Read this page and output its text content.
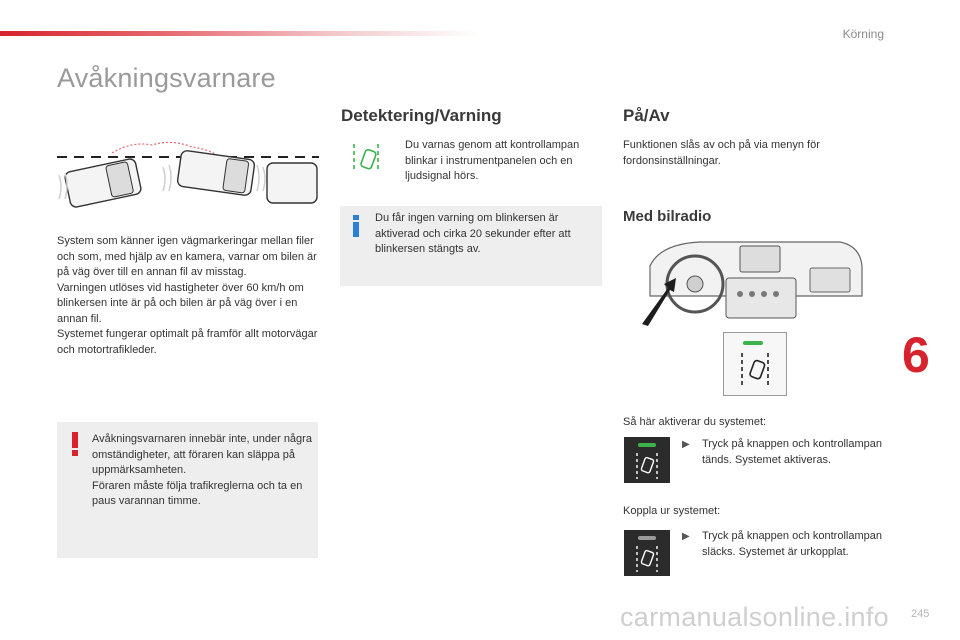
Körning
Avåkningsvarnare

System som känner igen vägmarkeringar mellan filer och som, med hjälp av en kamera, varnar om bilen är på väg över till en annan fil av misstag.

Varningen utlöses vid hastigheter över 60 km/h om blinkersen inte är på och bilen är på väg över i en annan fil.

Systemet fungerar optimalt på framför allt motorvägar och motortrafikleder.

Avåkningsvarnaren innebär inte, under några omständigheter, att föraren kan släppa på uppmärksamheten.

Föraren måste följa trafikreglerna och ta en paus varannan timme.

Detektering/Varning
Du varnas genom att kontrollampan blinkar i instrumentpanelen och en ljudsignal hörs.
Du får ingen varning om blinkersen är aktiverad och cirka 20 sekunder efter att blinkersen stängts av.
På/Av
Funktionen slås av och på via menyn för fordonsinställningar.
Med bilradio
Så här aktiverar du systemet:
▶ Tryck på knappen och kontrollampan tänds. Systemet aktiveras.
Koppla ur systemet:
▶ Tryck på knappen och kontrollampan släcks. Systemet är urkopplat.
6
carmanualsonline.info 245
